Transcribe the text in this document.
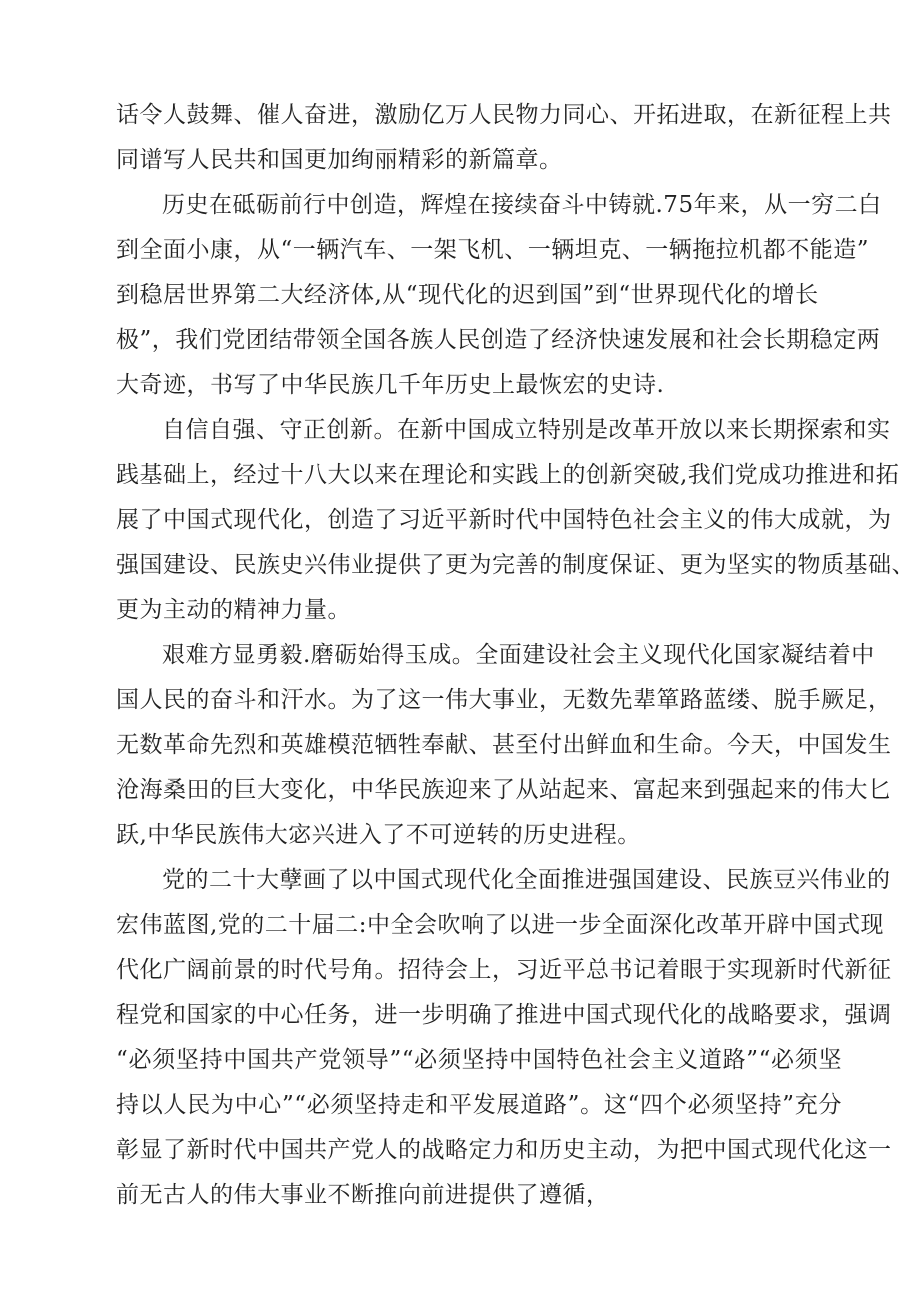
话令人鼓舞、催人奋进，激励亿万人民物力同心、开拓进取，在新征程上共
同谱写人民共和国更加绚丽精彩的新篇章。
历史在砥砺前行中创造，辉煌在接续奋斗中铸就.75年来，从一穷二白
到全面小康，从“一辆汽车、一架飞机、一辆坦克、一辆拖拉机都不能造”
到稳居世界第二大经济体,从“现代化的迟到国”到“世界现代化的增长
极”，我们党团结带领全国各族人民创造了经济快速发展和社会长期稳定两
大奇迹，书写了中华民族几千年历史上最恢宏的史诗.
自信自强、守正创新。在新中国成立特别是改革开放以来长期探索和实
践基础上，经过十八大以来在理论和实践上的创新突破,我们党成功推进和拓
展了中国式现代化，创造了习近平新时代中国特色社会主义的伟大成就，为
强国建设、民族史兴伟业提供了更为完善的制度保证、更为坚实的物质基础、
更为主动的精神力量。
艰难方显勇毅.磨砺始得玉成。全面建设社会主义现代化国家凝结着中
国人民的奋斗和汗水。为了这一伟大事业，无数先辈箪路蓝缕、脱手厥足，
无数革命先烈和英雄模范牺牲奉献、甚至付出鲜血和生命。今天，中国发生
沧海桑田的巨大变化，中华民族迎来了从站起来、富起来到强起来的伟大匕
跃,中华民族伟大宓兴进入了不可逆转的历史进程。
党的二十大孽画了以中国式现代化全面推进强国建设、民族豆兴伟业的
宏伟蓝图,党的二十届二:中全会吹响了以进一步全面深化改革开辟中国式现
代化广阔前景的时代号角。招待会上，习近平总书记着眼于实现新时代新征
程党和国家的中心任务，进一步明确了推进中国式现代化的战略要求，强调
“必须坚持中国共产党领导”“必须坚持中国特色社会主义道路”“必须坚
持以人民为中心”“必须坚持走和平发展道路”。这“四个必须坚持”充分
彰显了新时代中国共产党人的战略定力和历史主动，为把中国式现代化这一
前无古人的伟大事业不断推向前进提供了遵循，
